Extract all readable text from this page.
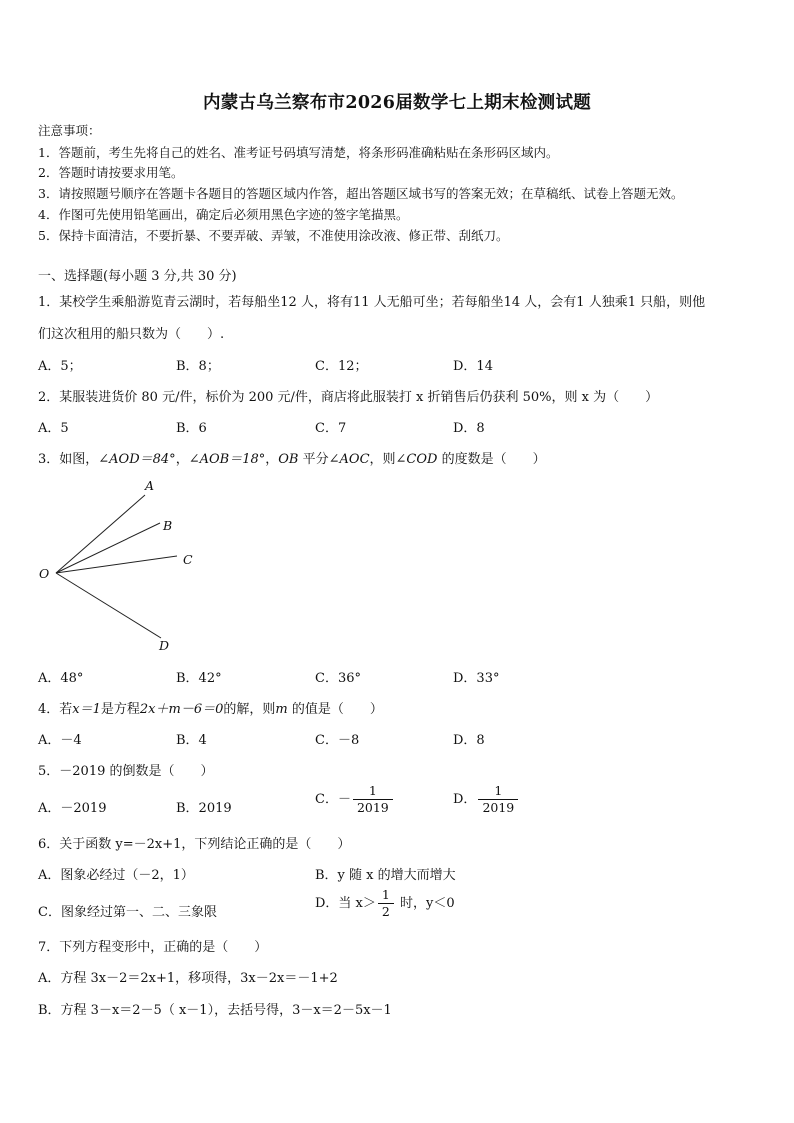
内蒙古乌兰察布市2026届数学七上期末检测试题
注意事项：
1．答题前，考生先将自己的姓名、准考证号码填写清楚，将条形码准确粘贴在条形码区域内。
2．答题时请按要求用笔。
3．请按照题号顺序在答题卡各题目的答题区域内作答，超出答题区域书写的答案无效；在草稿纸、试卷上答题无效。
4．作图可先使用铅笔画出，确定后必须用黑色字迹的签字笔描黑。
5．保持卡面清洁，不要折暴、不要弄破、弄皱，不准使用涂改液、修正带、刮纸刀。
一、选择题(每小题 3 分,共 30 分)
1．某校学生乘船游览青云湖时，若每船坐12 人，将有11 人无船可坐；若每船坐14 人，会有1 人独乘1 只船，则他
们这次租用的船只数为（　　）.
A．5；	B．8；	C．12；	D．14
2．某服装进货价 80 元/件，标价为 200 元/件，商店将此服装打 x 折销售后仍获利 50%，则 x 为（　　）
A．5	B．6	C．7	D．8
3．如图，∠AOD＝84°，∠AOB＝18°，OB 平分∠AOC，则∠COD 的度数是（　　）
A
B
C
O
D
A．48°	B．42°	C．36°	D．33°
4．若x＝1是方程2x＋m－6＝0的解，则m 的值是（　　）
A．－4	B．4	C．－8	D．8
5．－2019 的倒数是（　　）
A．－2019	B．2019
C．－ $\frac{1}{2019}$	D． $\frac{1}{2019}$
6．关于函数 y=－2x+1，下列结论正确的是（　　）
A．图象必经过（－2，1）	B．y 随 x 的增大而增大
C．图象经过第一、二、三象限
D．当 $x> \frac{1}{2}$ 时，y＜0
7．下列方程变形中，正确的是（　　）
A．方程 3x－2＝2x+1，移项得，3x－2x＝－1+2
B．方程 3－x＝2－5（ x－1），去括号得，3－x＝2－5x－1
